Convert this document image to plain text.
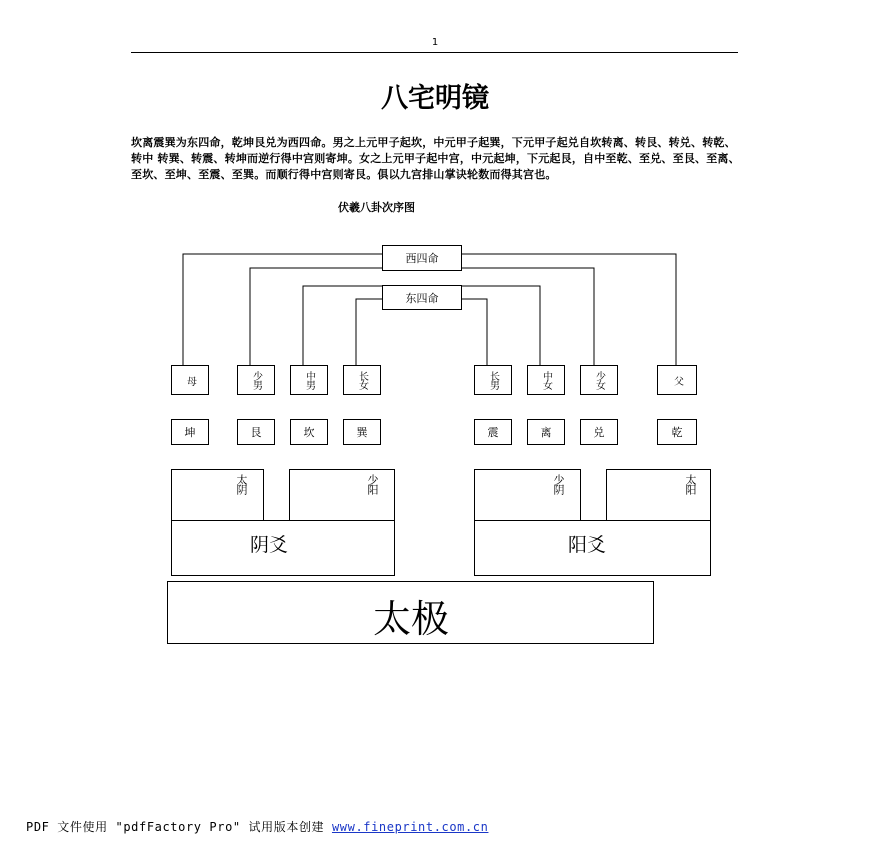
1
八宅明镜
坎离震巽为东四命，乾坤艮兑为西四命。男之上元甲子起坎，中元甲子起巽，下元甲子起兑自坎转离、转艮、转兑、转乾、转中 转巽、转震、转坤而逆行得中宫则寄坤。女之上元甲子起中宫，中元起坤，下元起艮，自中至乾、至兑、至艮、至离、至坎、至坤、至震、至巽。而顺行得中宫则寄艮。俱以九宫排山掌诀轮数而得其宫也。
伏羲八卦次序图
西四命
东四命
母	少男	中男	长女	长男	中女	少女	父
坤	艮	坎	巽	震	离	兑	乾
阴爻
太阴	少阳
阳爻
少阴	太阳
太极
PDF 文件使用 "pdfFactory Pro" 试用版本创建 www.fineprint.com.cn
